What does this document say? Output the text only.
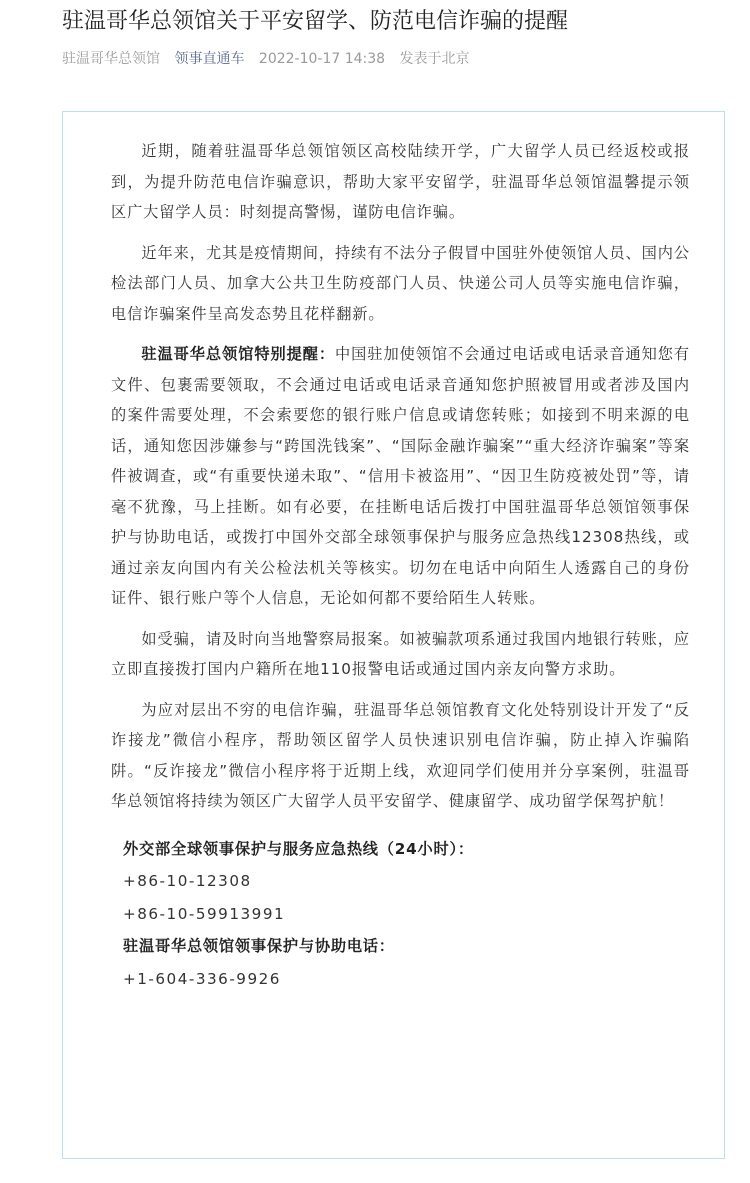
驻温哥华总领馆关于平安留学、防范电信诈骗的提醒
驻温哥华总领馆 领事直通车 2022-10-17 14:38 发表于北京

近期，随着驻温哥华总领馆领区高校陆续开学，广大留学人员已经返校或报到，为提升防范电信诈骗意识，帮助大家平安留学，驻温哥华总领馆温馨提示领区广大留学人员：时刻提高警惕，谨防电信诈骗。

近年来，尤其是疫情期间，持续有不法分子假冒中国驻外使领馆人员、国内公检法部门人员、加拿大公共卫生防疫部门人员、快递公司人员等实施电信诈骗，电信诈骗案件呈高发态势且花样翻新。

驻温哥华总领馆特别提醒：中国驻加使领馆不会通过电话或电话录音通知您有文件、包裹需要领取，不会通过电话或电话录音通知您护照被冒用或者涉及国内的案件需要处理，不会索要您的银行账户信息或请您转账；如接到不明来源的电话，通知您因涉嫌参与“跨国洗钱案”、“国际金融诈骗案”“重大经济诈骗案”等案件被调查，或“有重要快递未取”、“信用卡被盗用”、“因卫生防疫被处罚”等，请毫不犹豫，马上挂断。如有必要，在挂断电话后拨打中国驻温哥华总领馆领事保护与协助电话，或拨打中国外交部全球领事保护与服务应急热线12308热线，或通过亲友向国内有关公检法机关等核实。切勿在电话中向陌生人透露自己的身份证件、银行账户等个人信息，无论如何都不要给陌生人转账。

如受骗，请及时向当地警察局报案。如被骗款项系通过我国内地银行转账，应立即直接拨打国内户籍所在地110报警电话或通过国内亲友向警方求助。

为应对层出不穷的电信诈骗，驻温哥华总领馆教育文化处特别设计开发了“反诈接龙”微信小程序，帮助领区留学人员快速识别电信诈骗，防止掉入诈骗陷阱。“反诈接龙”微信小程序将于近期上线，欢迎同学们使用并分享案例，驻温哥华总领馆将持续为领区广大留学人员平安留学、健康留学、成功留学保驾护航！

外交部全球领事保护与服务应急热线（24小时）：
+86-10-12308
+86-10-59913991
驻温哥华总领馆领事保护与协助电话：
+1-604-336-9926
